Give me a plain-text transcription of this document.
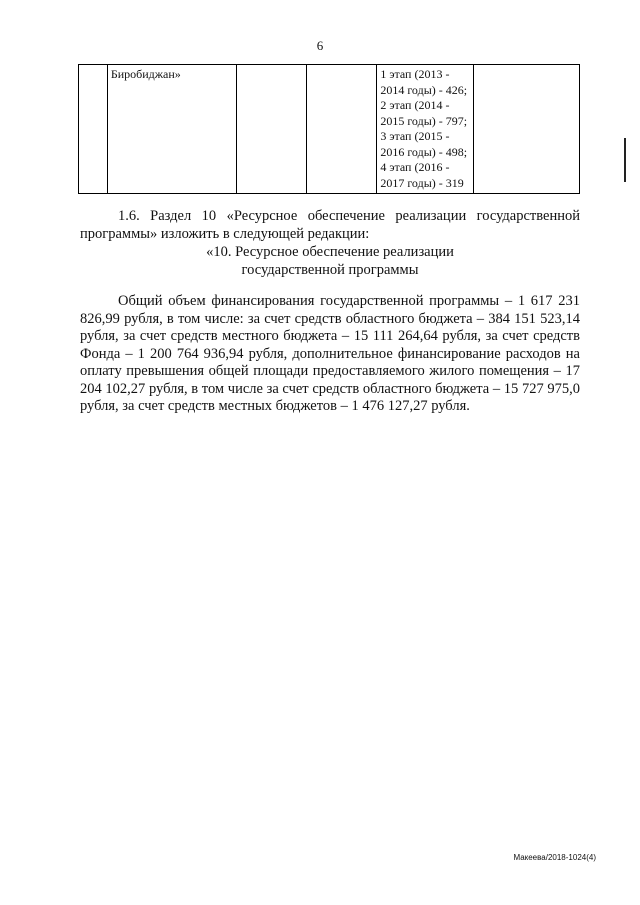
6
	Биробиджан»			1 этап (2013 -
2014 годы) - 426;
2 этап (2014 -
2015 годы) - 797;
3 этап (2015 -
2016 годы) - 498;
4 этап (2016 -
2017 годы) - 319

1.6. Раздел 10 «Ресурсное обеспечение реализации государственной программы» изложить в следующей редакции:

«10. Ресурсное обеспечение реализации
государственной программы

Общий объем финансирования государственной программы – 1 617 231 826,99 рубля, в том числе: за счет средств областного бюджета – 384 151 523,14 рубля, за счет средств местного бюджета – 15 111 264,64 рубля, за счет средств Фонда – 1 200 764 936,94 рубля, дополнительное финансирование расходов на оплату превышения общей площади предоставляемого жилого помещения – 17 204 102,27 рубля, в том числе за счет средств областного бюджета – 15 727 975,0 рубля, за счет средств местных бюджетов – 1 476 127,27 рубля.

Макеева/2018-1024(4)
